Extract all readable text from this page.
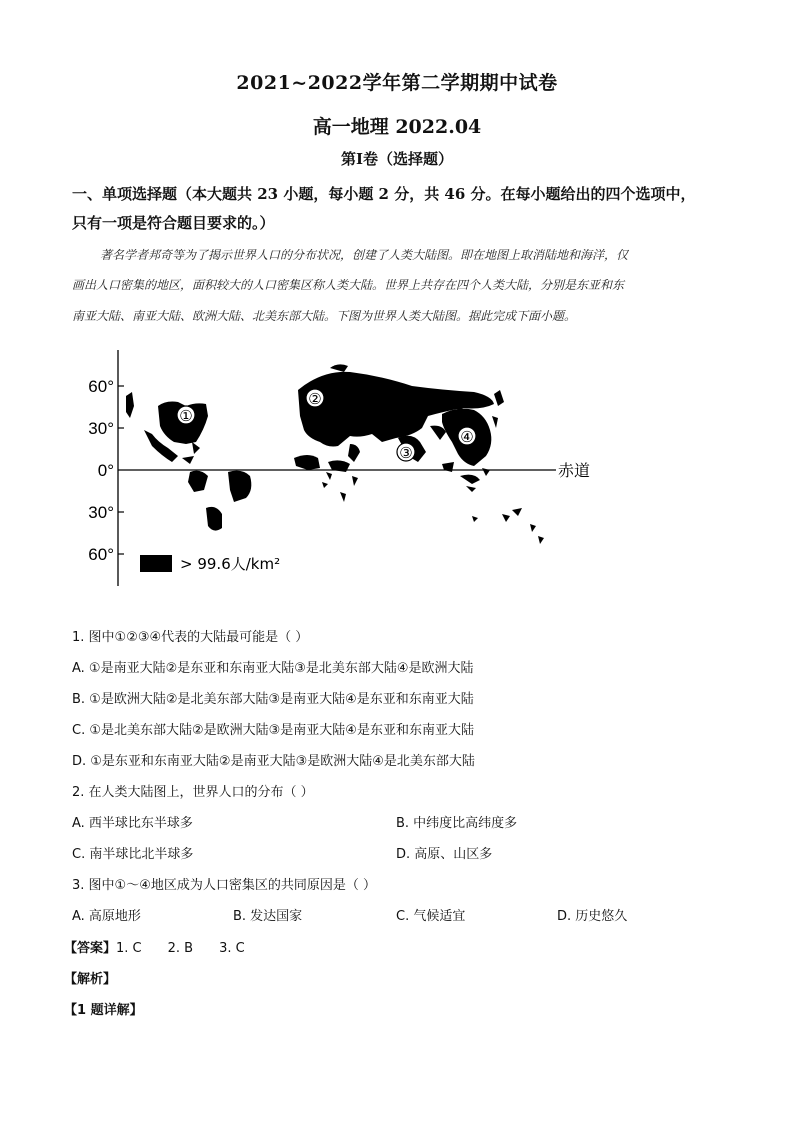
2021~2022学年第二学期期中试卷
高一地理 2022.04
第Ⅰ卷（选择题）
一、单项选择题（本大题共 23 小题，每小题 2 分，共 46 分。在每小题给出的四个选项中，
只有一项是符合题目要求的。）
著名学者邦奇等为了揭示世界人口的分布状况，创建了人类大陆图。即在地图上取消陆地和海洋，仅
画出人口密集的地区，面积较大的人口密集区称人类大陆。世界上共存在四个人类大陆，分别是东亚和东
南亚大陆、南亚大陆、欧洲大陆、北美东部大陆。下图为世界人类大陆图。据此完成下面小题。
60°
30°
0°
30°
60°
赤道
①
②
③
④
> 99.6人/km²
1. 图中①②③④代表的大陆最可能是（ ）
A. ①是南亚大陆②是东亚和东南亚大陆③是北美东部大陆④是欧洲大陆
B. ①是欧洲大陆②是北美东部大陆③是南亚大陆④是东亚和东南亚大陆
C. ①是北美东部大陆②是欧洲大陆③是南亚大陆④是东亚和东南亚大陆
D. ①是东亚和东南亚大陆②是南亚大陆③是欧洲大陆④是北美东部大陆
2. 在人类大陆图上，世界人口的分布（ ）
A. 西半球比东半球多	B. 中纬度比高纬度多
C. 南半球比北半球多	D. 高原、山区多
3. 图中①～④地区成为人口密集区的共同原因是（ ）
A. 高原地形	B. 发达国家	C. 气候适宜	D. 历史悠久
【答案】1. C 2. B 3. C
【解析】
【1 题详解】
